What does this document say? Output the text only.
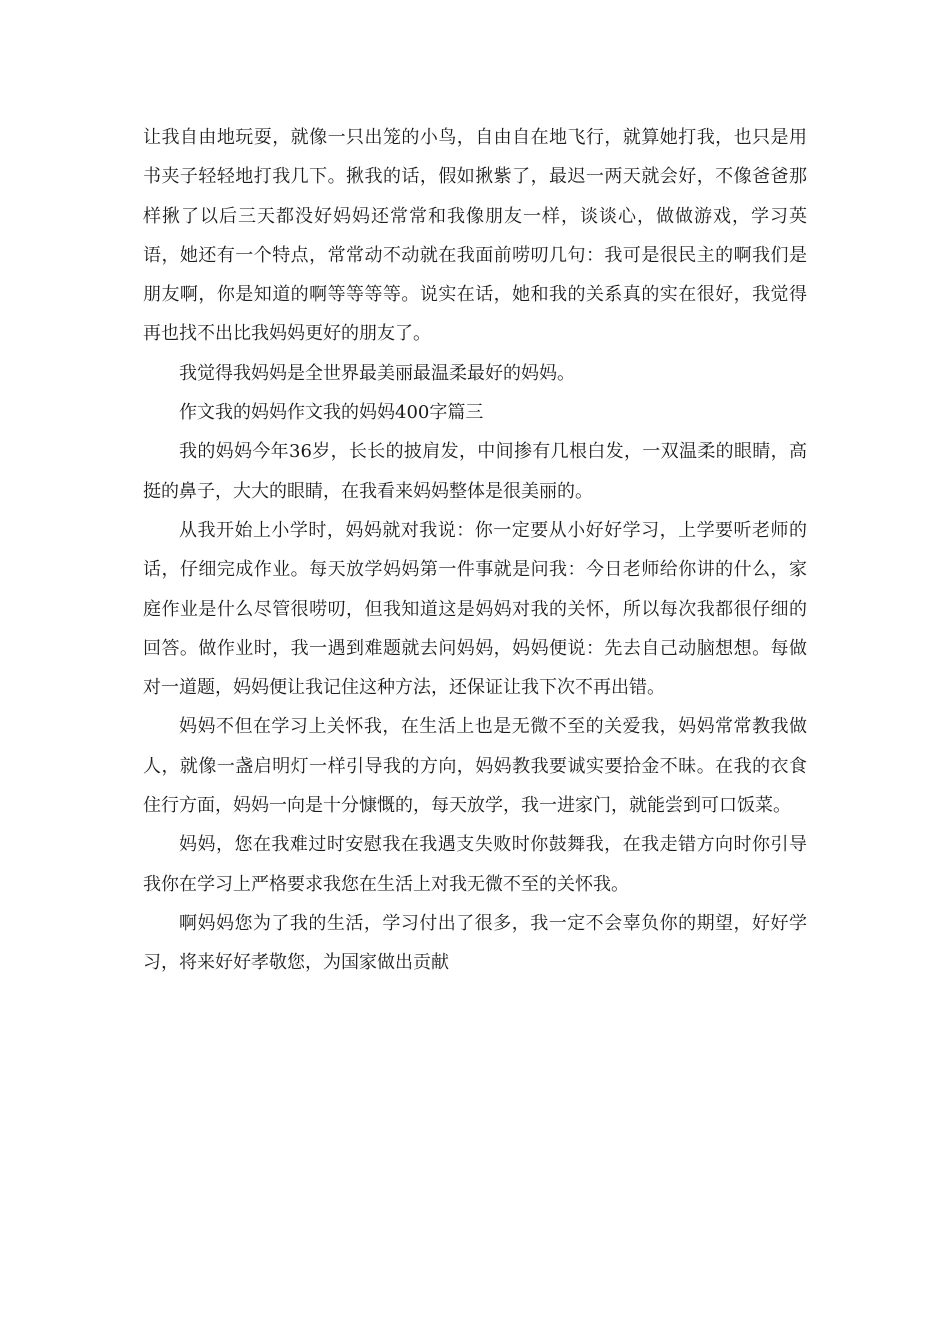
让我自由地玩耍，就像一只出笼的小鸟，自由自在地飞行，就算她打我，也只是用书夹子轻轻地打我几下。揪我的话，假如揪紫了，最迟一两天就会好，不像爸爸那样揪了以后三天都没好妈妈还常常和我像朋友一样，谈谈心，做做游戏，学习英语，她还有一个特点，常常动不动就在我面前唠叨几句：我可是很民主的啊我们是朋友啊，你是知道的啊等等等等。说实在话，她和我的关系真的实在很好，我觉得再也找不出比我妈妈更好的朋友了。

我觉得我妈妈是全世界最美丽最温柔最好的妈妈。

作文我的妈妈作文我的妈妈400字篇三

我的妈妈今年36岁，长长的披肩发，中间掺有几根白发，一双温柔的眼睛，高挺的鼻子，大大的眼睛，在我看来妈妈整体是很美丽的。

从我开始上小学时，妈妈就对我说：你一定要从小好好学习，上学要听老师的话，仔细完成作业。每天放学妈妈第一件事就是问我：今日老师给你讲的什么，家庭作业是什么尽管很唠叨，但我知道这是妈妈对我的关怀，所以每次我都很仔细的回答。做作业时，我一遇到难题就去问妈妈，妈妈便说：先去自己动脑想想。每做对一道题，妈妈便让我记住这种方法，还保证让我下次不再出错。

妈妈不但在学习上关怀我，在生活上也是无微不至的关爱我，妈妈常常教我做人，就像一盏启明灯一样引导我的方向，妈妈教我要诚实要拾金不昧。在我的衣食住行方面，妈妈一向是十分慷慨的，每天放学，我一进家门，就能尝到可口饭菜。

妈妈，您在我难过时安慰我在我遇支失败时你鼓舞我，在我走错方向时你引导我你在学习上严格要求我您在生活上对我无微不至的关怀我。

啊妈妈您为了我的生活，学习付出了很多，我一定不会辜负你的期望，好好学习，将来好好孝敬您，为国家做出贡献
